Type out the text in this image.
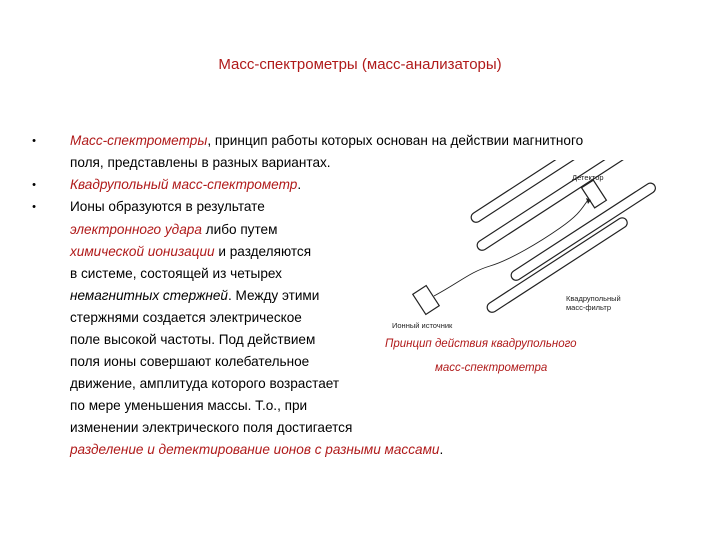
Масс-спектрометры (масс-анализаторы)
•	Масс-спектрометры, принцип работы которых основан на действии магнитного
поля, представлены в разных вариантах.
•	Квадрупольный масс-спектрометр.
•	Ионы образуются в результате
электронного удара либо путем
химической ионизации и разделяются
в системе, состоящей из четырех
немагнитных стержней. Между этими
стержнями создается электрическое
поле высокой частоты. Под действием
поля ионы совершают колебательное
движение, амплитуда которого возрастает
по мере уменьшения массы. Т.о., при
изменении электрического поля достигается
разделение и детектирование ионов с разными массами.
Детектор
Квадрупольный
масс-фильтр
Ионный источник
Принцип действия квадрупольного
масс-спектрометра
